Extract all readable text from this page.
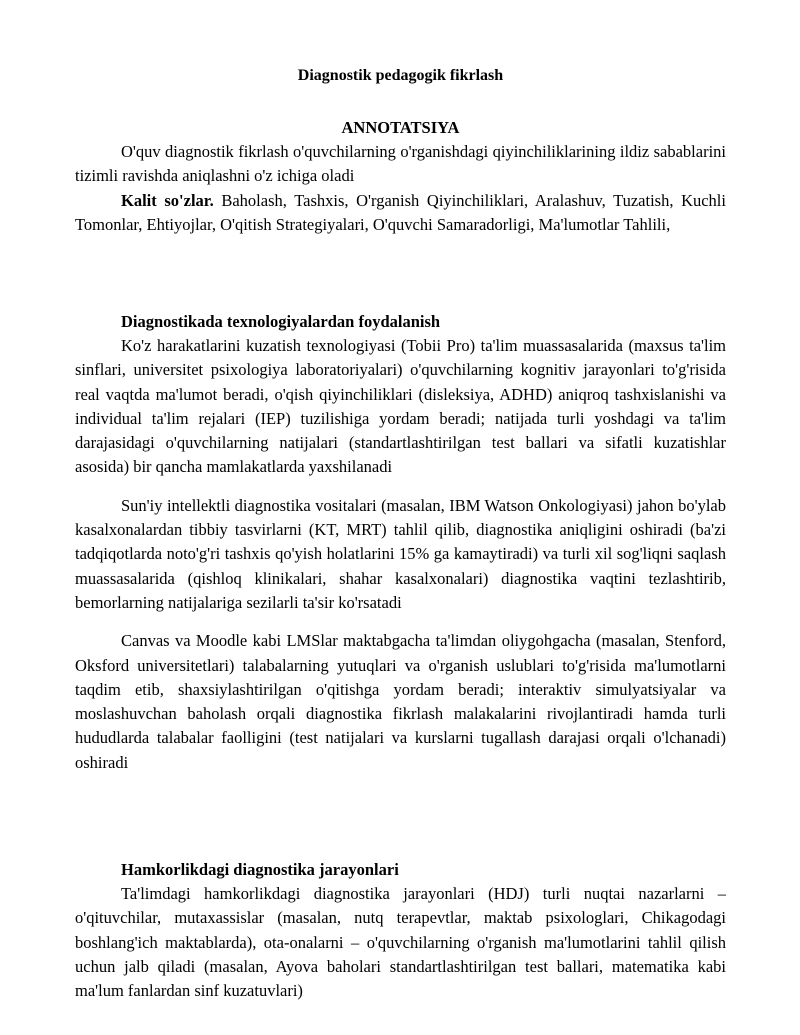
Diagnostik pedagogik fikrlash

ANNOTATSIYA

O'quv diagnostik fikrlash o'quvchilarning o'rganishdagi qiyinchiliklarining ildiz sabablarini tizimli ravishda aniqlashni o'z ichiga oladi

Kalit so'zlar. Baholash, Tashxis, O'rganish Qiyinchiliklari, Aralashuv, Tuzatish, Kuchli Tomonlar, Ehtiyojlar, O'qitish Strategiyalari, O'quvchi Samaradorligi, Ma'lumotlar Tahlili,

Diagnostikada texnologiyalardan foydalanish

Ko'z harakatlarini kuzatish texnologiyasi (Tobii Pro) ta'lim muassasalarida (maxsus ta'lim sinflari, universitet psixologiya laboratoriyalari) o'quvchilarning kognitiv jarayonlari to'g'risida real vaqtda ma'lumot beradi, o'qish qiyinchiliklari (disleksiya, ADHD) aniqroq tashxislanishi va individual ta'lim rejalari (IEP) tuzilishiga yordam beradi; natijada turli yoshdagi va ta'lim darajasidagi o'quvchilarning natijalari (standartlashtirilgan test ballari va sifatli kuzatishlar asosida) bir qancha mamlakatlarda yaxshilanadi

Sun'iy intellektli diagnostika vositalari (masalan, IBM Watson Onkologiyasi) jahon bo'ylab kasalxonalardan tibbiy tasvirlarni (KT, MRT) tahlil qilib, diagnostika aniqligini oshiradi (ba'zi tadqiqotlarda noto'g'ri tashxis qo'yish holatlarini 15% ga kamaytiradi) va turli xil sog'liqni saqlash muassasalarida (qishloq klinikalari, shahar kasalxonalari) diagnostika vaqtini tezlashtirib, bemorlarning natijalariga sezilarli ta'sir ko'rsatadi

Canvas va Moodle kabi LMSlar maktabgacha ta'limdan oliygohgacha (masalan, Stenford, Oksford universitetlari) talabalarning yutuqlari va o'rganish uslublari to'g'risida ma'lumotlarni taqdim etib, shaxsiylashtirilgan o'qitishga yordam beradi; interaktiv simulyatsiyalar va moslashuvchan baholash orqali diagnostika fikrlash malakalarini rivojlantiradi hamda turli hududlarda talabalar faolligini (test natijalari va kurslarni tugallash darajasi orqali o'lchanadi) oshiradi

Hamkorlikdagi diagnostika jarayonlari

Ta'limdagi hamkorlikdagi diagnostika jarayonlari (HDJ) turli nuqtai nazarlarni – o'qituvchilar, mutaxassislar (masalan, nutq terapevtlar, maktab psixologlari, Chikagodagi boshlang'ich maktablarda), ota-onalarni – o'quvchilarning o'rganish ma'lumotlarini tahlil qilish uchun jalb qiladi (masalan, Ayova baholari standartlashtirilgan test ballari, matematika kabi ma'lum fanlardan sinf kuzatuvlari)
